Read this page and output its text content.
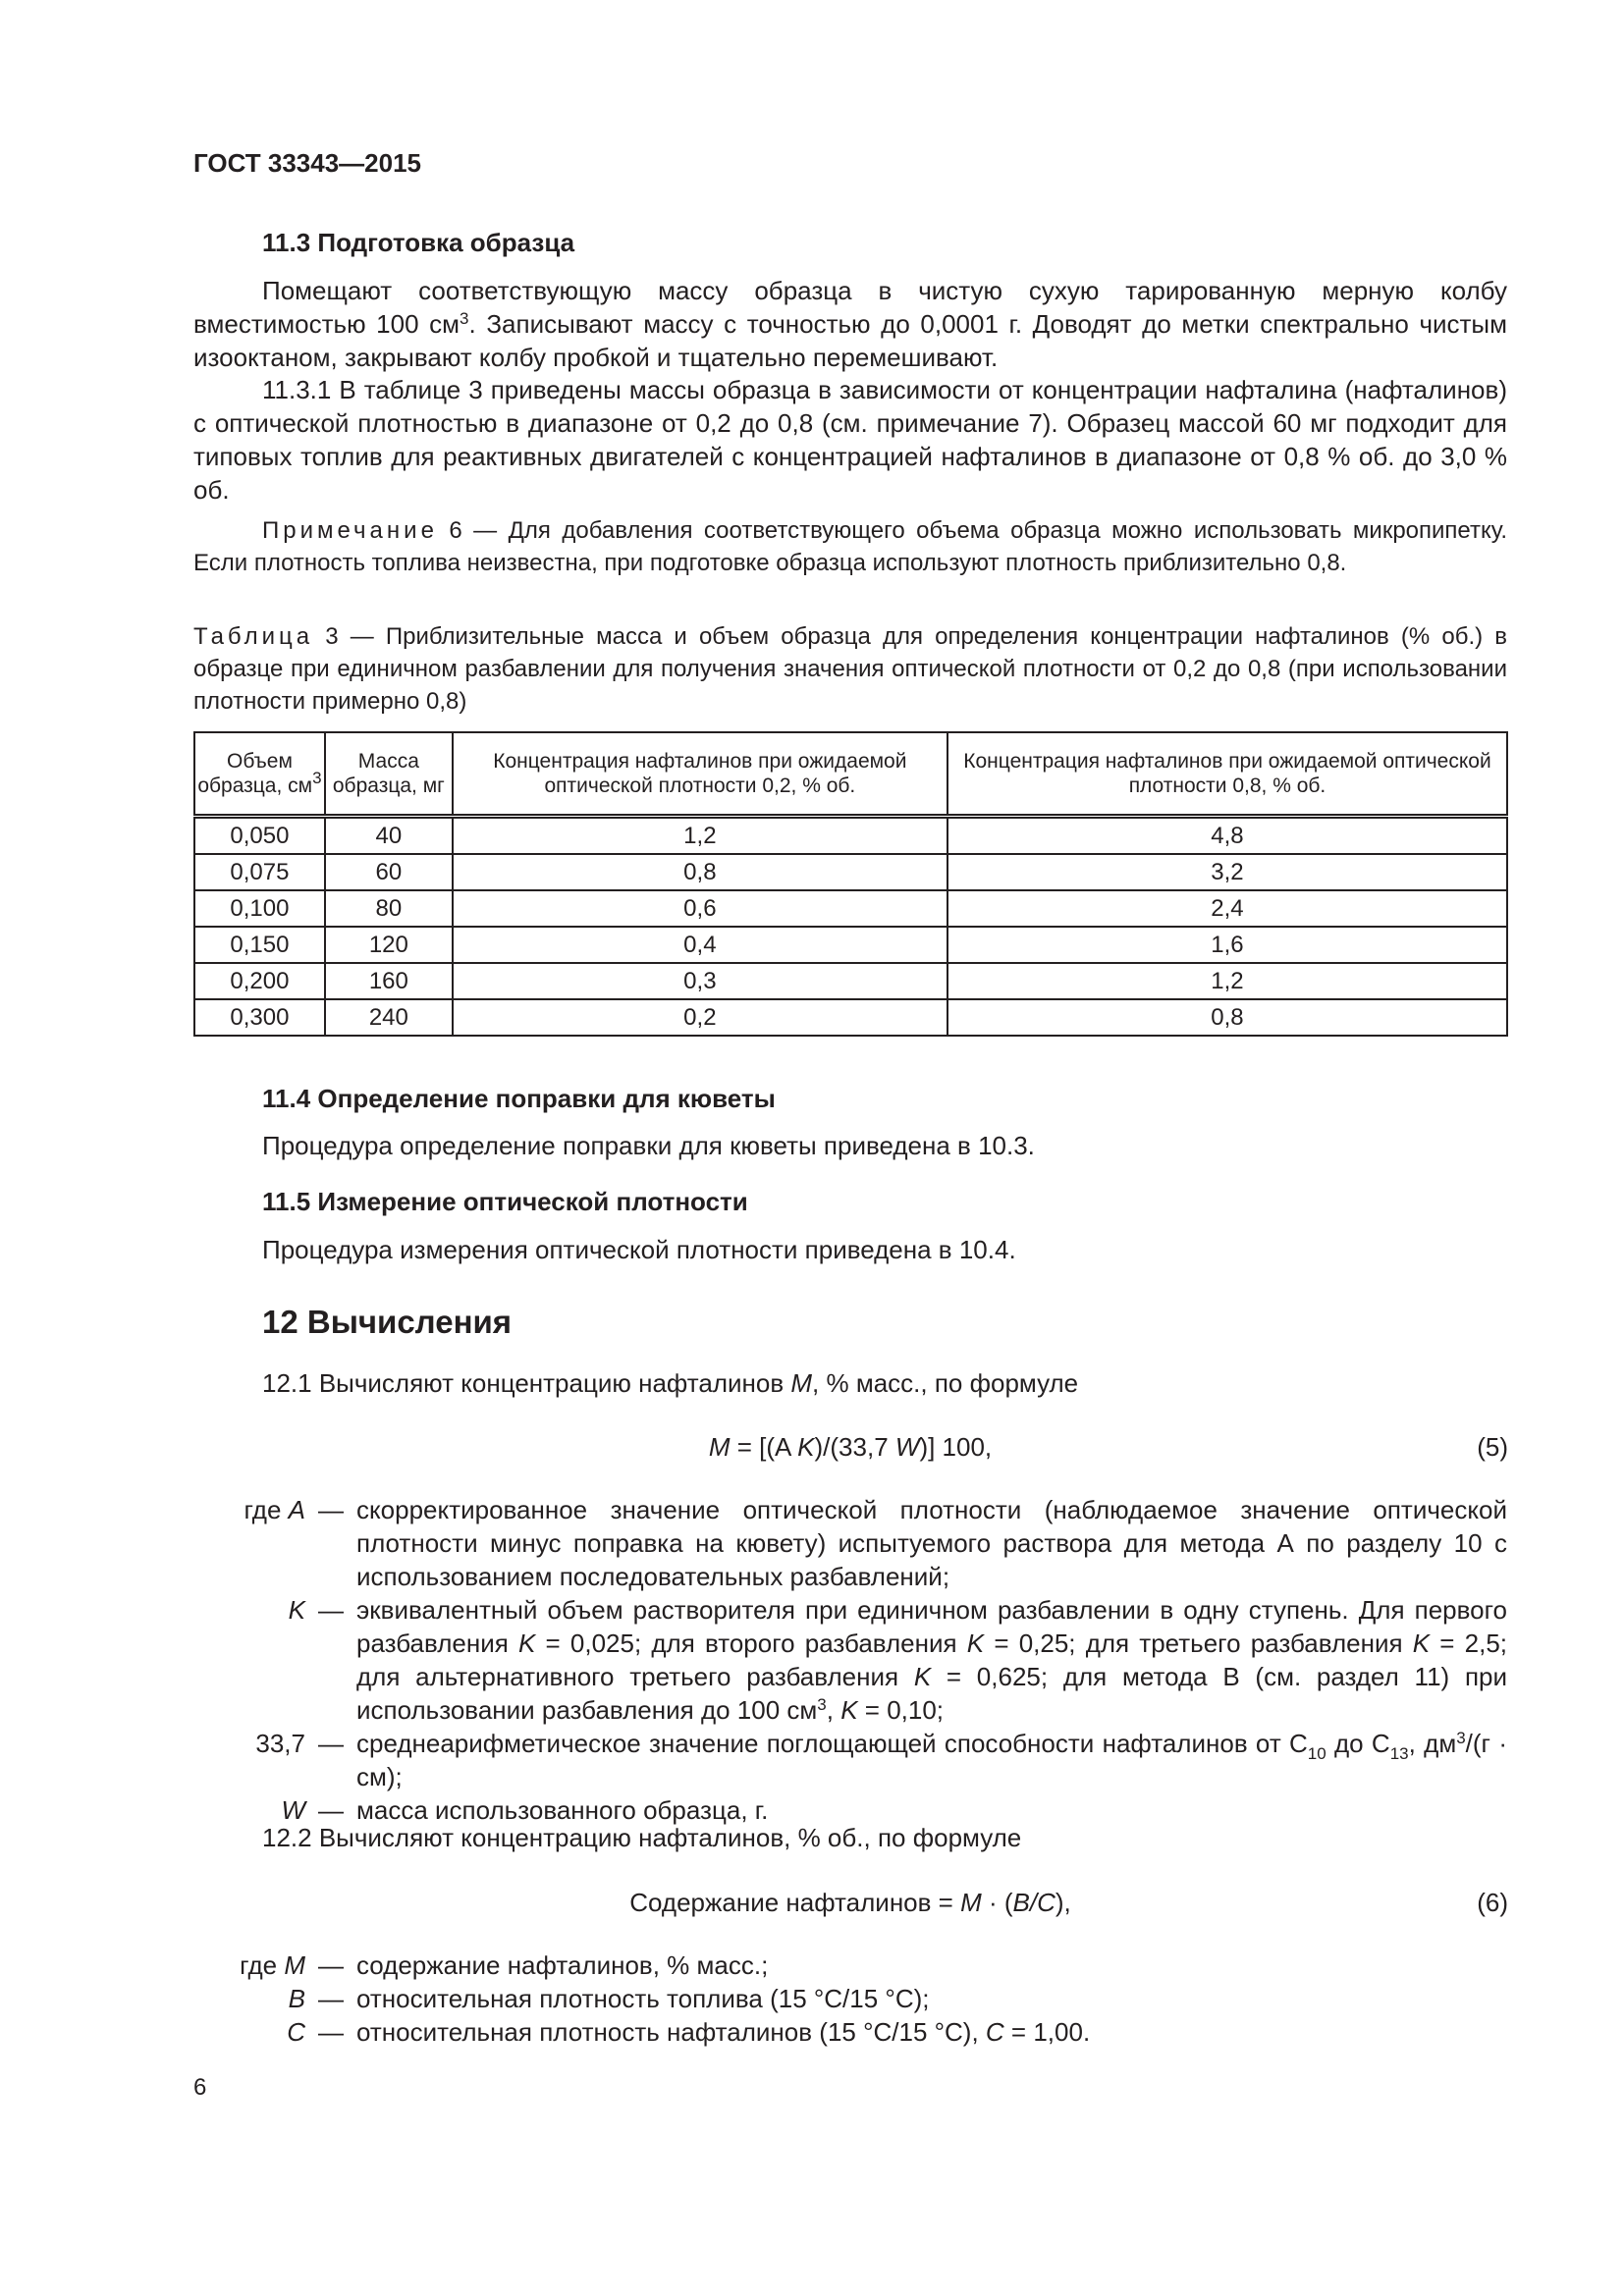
ГОСТ 33343—2015
11.3 Подготовка образца
Помещают соответствующую массу образца в чистую сухую тарированную мерную колбу вместимостью 100 $см^3$. Записывают массу с точностью до 0,0001 г. Доводят до метки спектрально чистым изооктаном, закрывают колбу пробкой и тщательно перемешивают.
11.3.1 В таблице 3 приведены массы образца в зависимости от концентрации нафталина (нафталинов) с оптической плотностью в диапазоне от 0,2 до 0,8 (см. примечание 7). Образец массой 60 мг подходит для типовых топлив для реактивных двигателей с концентрацией нафталинов в диапазоне от 0,8 % об. до 3,0 % об.
Примечание 6 — Для добавления соответствующего объема образца можно использовать микропипетку. Если плотность топлива неизвестна, при подготовке образца используют плотность приблизительно 0,8.
Таблица 3 — Приблизительные масса и объем образца для определения концентрации нафталинов (% об.) в образце при единичном разбавлении для получения значения оптической плотности от 0,2 до 0,8 (при использовании плотности примерно 0,8)
Объем образца, $см^3$	Масса образца, мг	Концентрация нафталинов при ожидаемой оптической плотности 0,2, % об.	Концентрация нафталинов при ожидаемой оптической плотности 0,8, % об.
0,050	40	1,2	4,8
0,075	60	0,8	3,2
0,100	80	0,6	2,4
0,150	120	0,4	1,6
0,200	160	0,3	1,2
0,300	240	0,2	0,8
11.4 Определение поправки для кюветы
Процедура определение поправки для кюветы приведена в 10.3.
11.5 Измерение оптической плотности
Процедура измерения оптической плотности приведена в 10.4.
12 Вычисления
12.1 Вычисляют концентрацию нафталинов M, % масс., по формуле
M = [(A K)/(33,7 W)] 100,	(5)
где A — скорректированное значение оптической плотности (наблюдаемое значение оптической плотности минус поправка на кювету) испытуемого раствора для метода А по разделу 10 с использованием последовательных разбавлений;
K — эквивалентный объем растворителя при единичном разбавлении в одну ступень. Для первого разбавления K = 0,025; для второго разбавления K = 0,25; для третьего разбавления K = 2,5; для альтернативного третьего разбавления K = 0,625; для метода В (см. раздел 11) при использовании разбавления до 100 $см^3$, K = 0,10;
33,7 — среднеарифметическое значение поглощающей способности нафталинов от $С_{10}$ до $С_{13}$, $дм^3/(г \cdot см)$;
W — масса использованного образца, г.
12.2 Вычисляют концентрацию нафталинов, % об., по формуле
Содержание нафталинов = M · (B/C),	(6)
где M — содержание нафталинов, % масс.;
B — относительная плотность топлива (15 °C/15 °C);
C — относительная плотность нафталинов (15 °C/15 °C), C = 1,00.
6
